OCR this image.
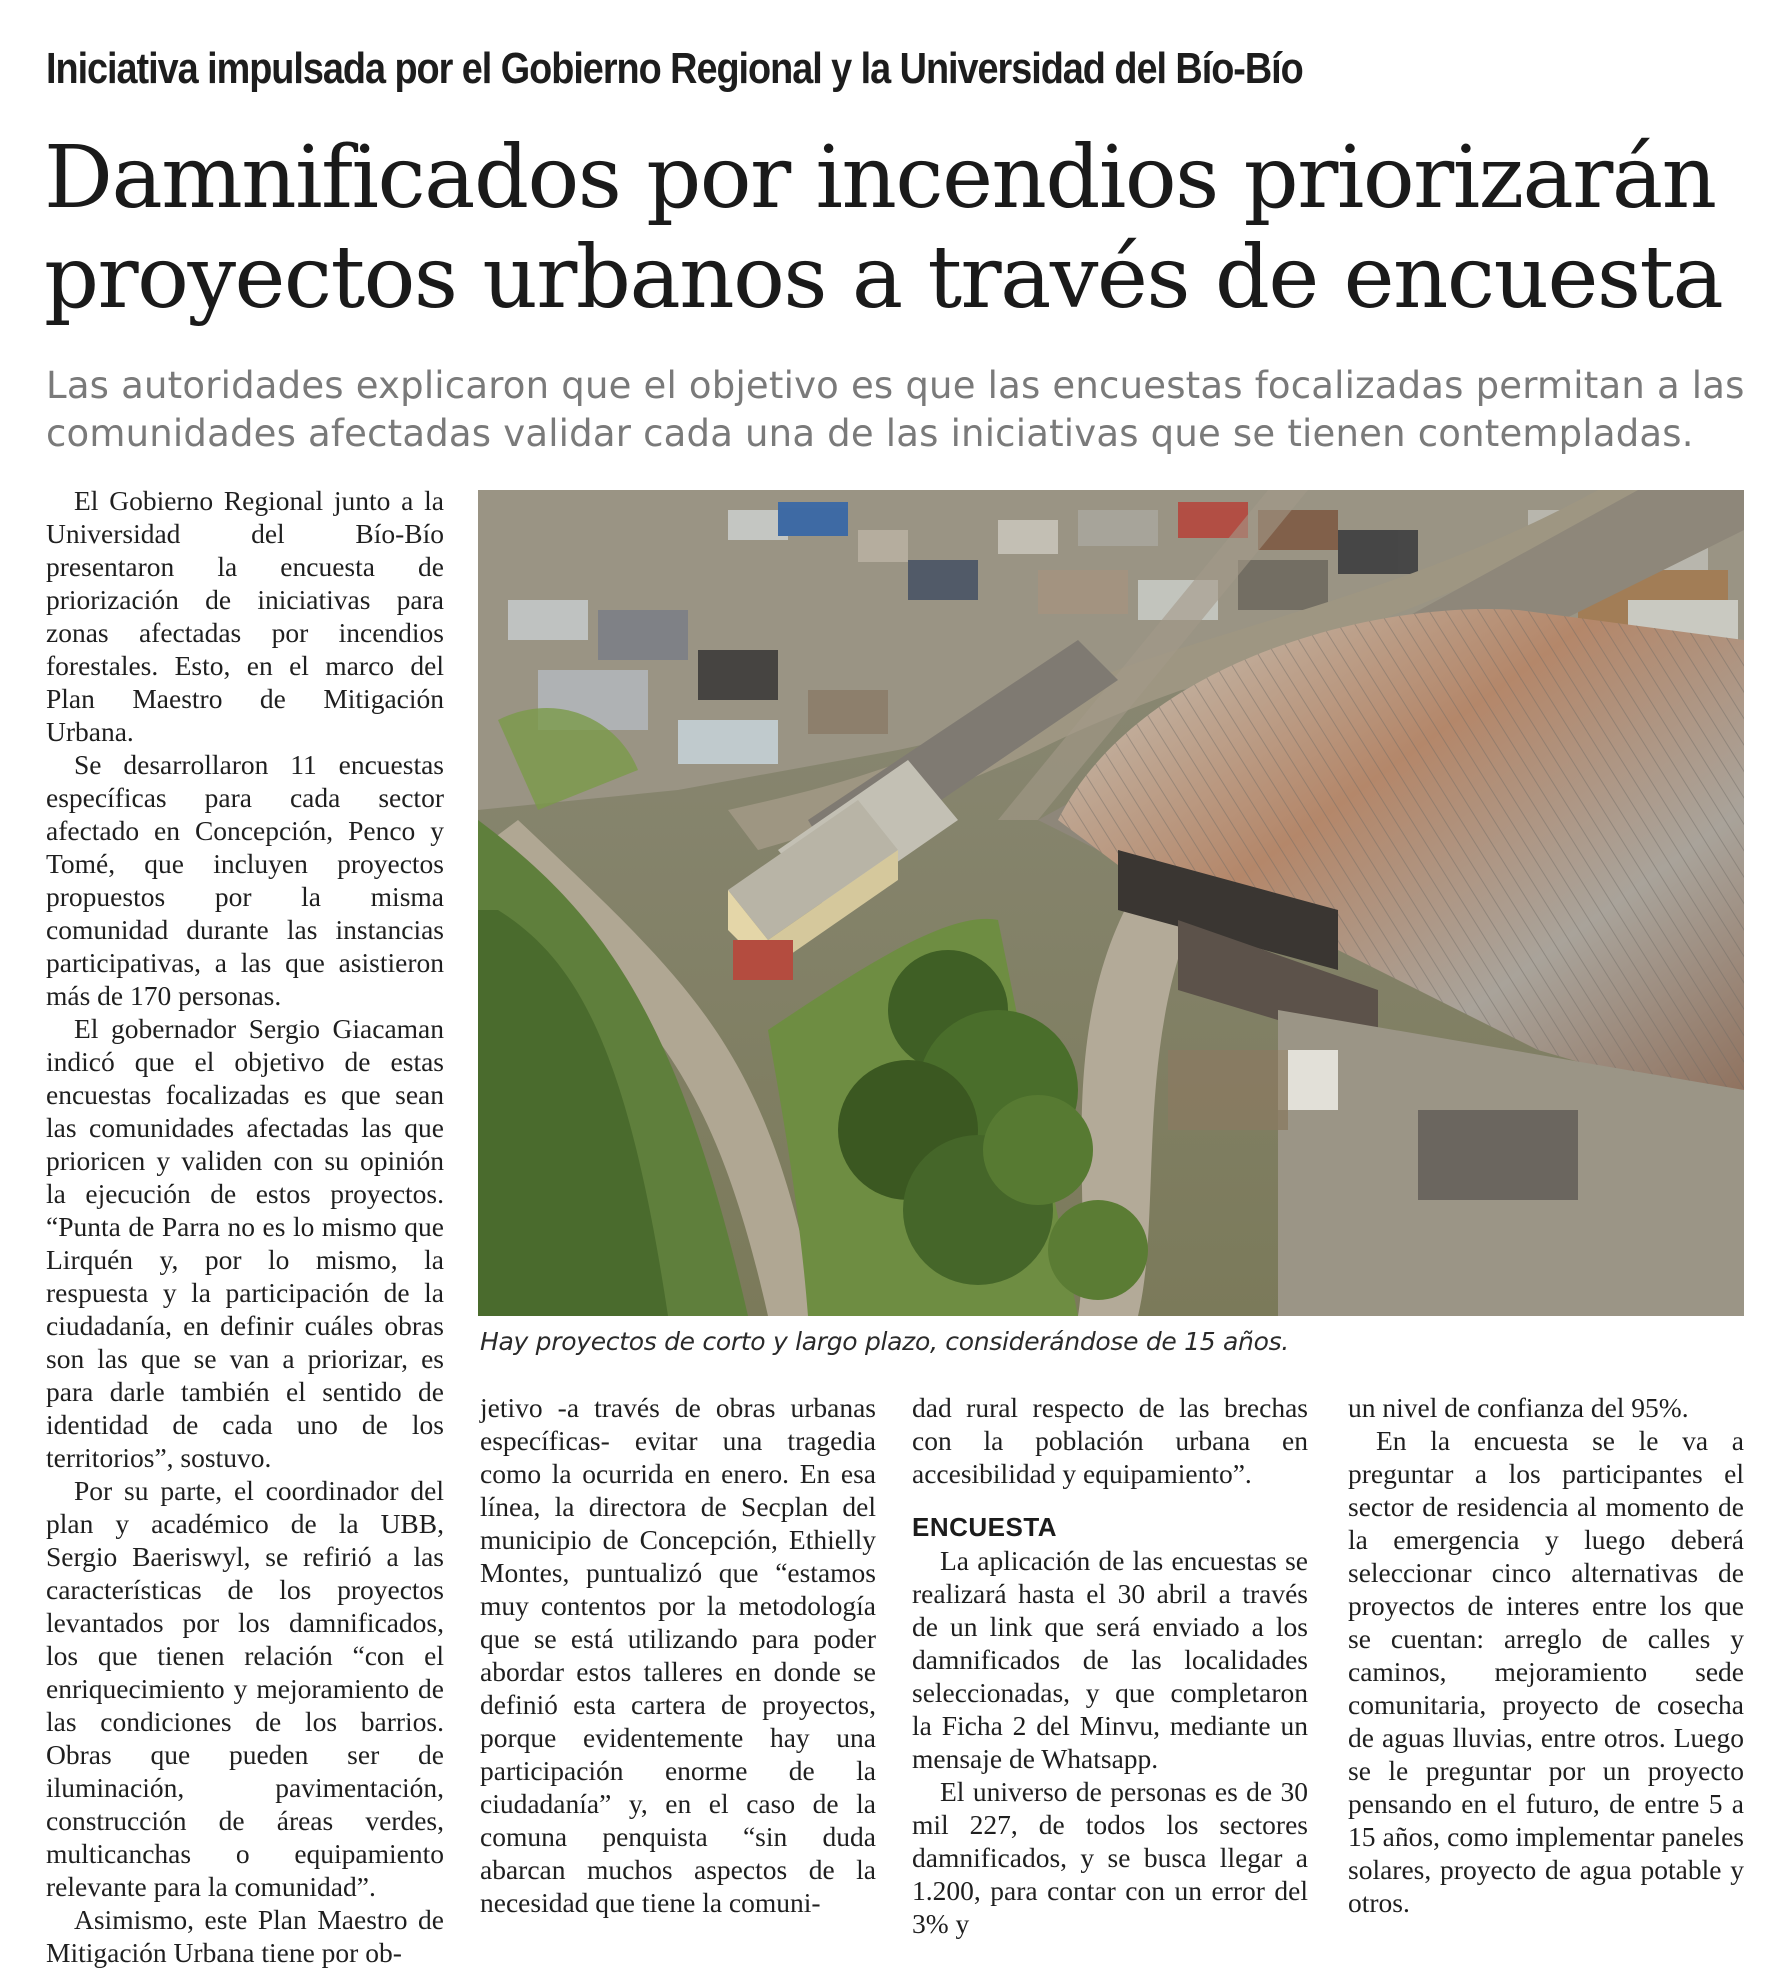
Iniciativa impulsada por el Gobierno Regional y la Universidad del Bío-Bío
Damnificados por incendios priorizarán
proyectos urbanos a través de encuesta

Las autoridades explicaron que el objetivo es que las encuestas focalizadas permitan a las
comunidades afectadas validar cada una de las iniciativas que se tienen contempladas.

El Gobierno Regional junto a la Universidad del Bío-Bío presentaron la encuesta de priorización de iniciativas para zonas afectadas por incendios forestales. Esto, en el marco del Plan Maestro de Mitigación Urbana.

Se desarrollaron 11 encuestas específicas para cada sector afectado en Concepción, Penco y Tomé, que incluyen proyectos propuestos por la misma comunidad durante las instancias participativas, a las que asistieron más de 170 personas.

El gobernador Sergio Giacaman indicó que el objetivo de estas encuestas focalizadas es que sean las comunidades afectadas las que prioricen y validen con su opinión la ejecución de estos proyectos. “Punta de Parra no es lo mismo que Lirquén y, por lo mismo, la respuesta y la participación de la ciudadanía, en definir cuáles obras son las que se van a priorizar, es para darle también el sentido de identidad de cada uno de los territorios”, sostuvo.

Por su parte, el coordinador del plan y académico de la UBB, Sergio Baeriswyl, se refirió a las características de los proyectos levantados por los damnificados, los que tienen relación “con el enriquecimiento y mejoramiento de las condiciones de los barrios. Obras que pueden ser de iluminación, pavimentación, construcción de áreas verdes, multicanchas o equipamiento relevante para la comunidad”.

Asimismo, este Plan Maestro de Mitigación Urbana tiene por ob-

Hay proyectos de corto y largo plazo, considerándose de 15 años.

jetivo -a través de obras urbanas específicas- evitar una tragedia como la ocurrida en enero. En esa línea, la directora de Secplan del municipio de Concepción, Ethielly Montes, puntualizó que “estamos muy contentos por la metodología que se está utilizando para poder abordar estos talleres en donde se definió esta cartera de proyectos, porque evidentemente hay una participación enorme de la ciudadanía” y, en el caso de la comuna penquista “sin duda abarcan muchos aspectos de la necesidad que tiene la comuni-

dad rural respecto de las brechas con la población urbana en accesibilidad y equipamiento”.

ENCUESTA

La aplicación de las encuestas se realizará hasta el 30 abril a través de un link que será enviado a los damnificados de las localidades seleccionadas, y que completaron la Ficha 2 del Minvu, mediante un mensaje de Whatsapp.

El universo de personas es de 30 mil 227, de todos los sectores damnificados, y se busca llegar a 1.200, para contar con un error del 3% y

un nivel de confianza del 95%.

En la encuesta se le va a preguntar a los participantes el sector de residencia al momento de la emergencia y luego deberá seleccionar cinco alternativas de proyectos de interes entre los que se cuentan: arreglo de calles y caminos, mejoramiento sede comunitaria, proyecto de cosecha de aguas lluvias, entre otros. Luego se le preguntar por un proyecto pensando en el futuro, de entre 5 a 15 años, como implementar paneles solares, proyecto de agua potable y otros.
